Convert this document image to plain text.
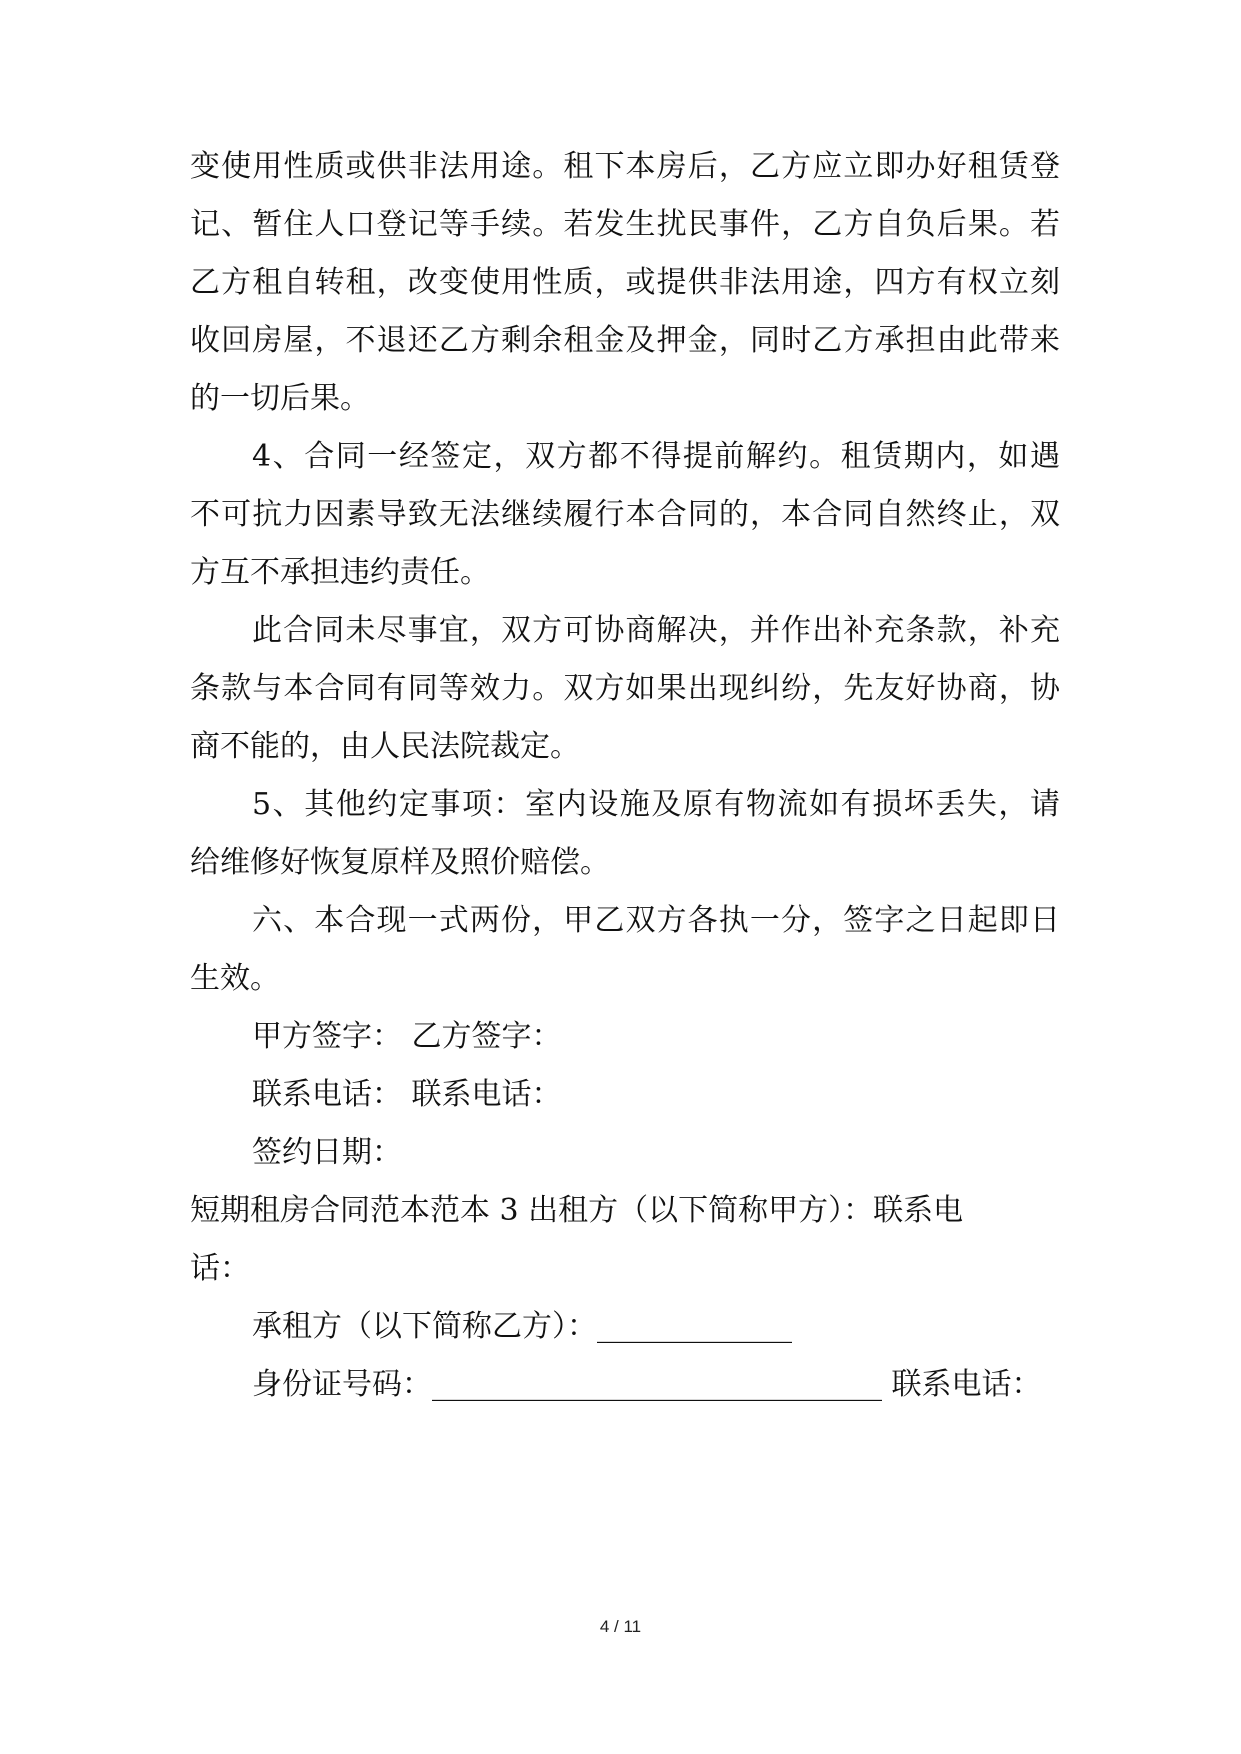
变使用性质或供非法用途。租下本房后，乙方应立即办好租赁登
记、暂住人口登记等手续。若发生扰民事件，乙方自负后果。若
乙方租自转租，改变使用性质，或提供非法用途，四方有权立刻
收回房屋，不退还乙方剩余租金及押金，同时乙方承担由此带来
的一切后果。
4、合同一经签定，双方都不得提前解约。租赁期内，如遇
不可抗力因素导致无法继续履行本合同的，本合同自然终止，双
方互不承担违约责任。
此合同未尽事宜，双方可协商解决，并作出补充条款，补充
条款与本合同有同等效力。双方如果出现纠纷，先友好协商，协
商不能的，由人民法院裁定。
5、其他约定事项：室内设施及原有物流如有损坏丢失，请
给维修好恢复原样及照价赔偿。
六、本合现一式两份，甲乙双方各执一分，签字之日起即日
生效。
甲方签字： 乙方签字：
联系电话： 联系电话：
签约日期：
短期租房合同范本范本 3 出租方（以下简称甲方）：联系电
话：
承租方（以下简称乙方）：_____________
身份证号码：______________________________ 联系电话：
4 / 11
